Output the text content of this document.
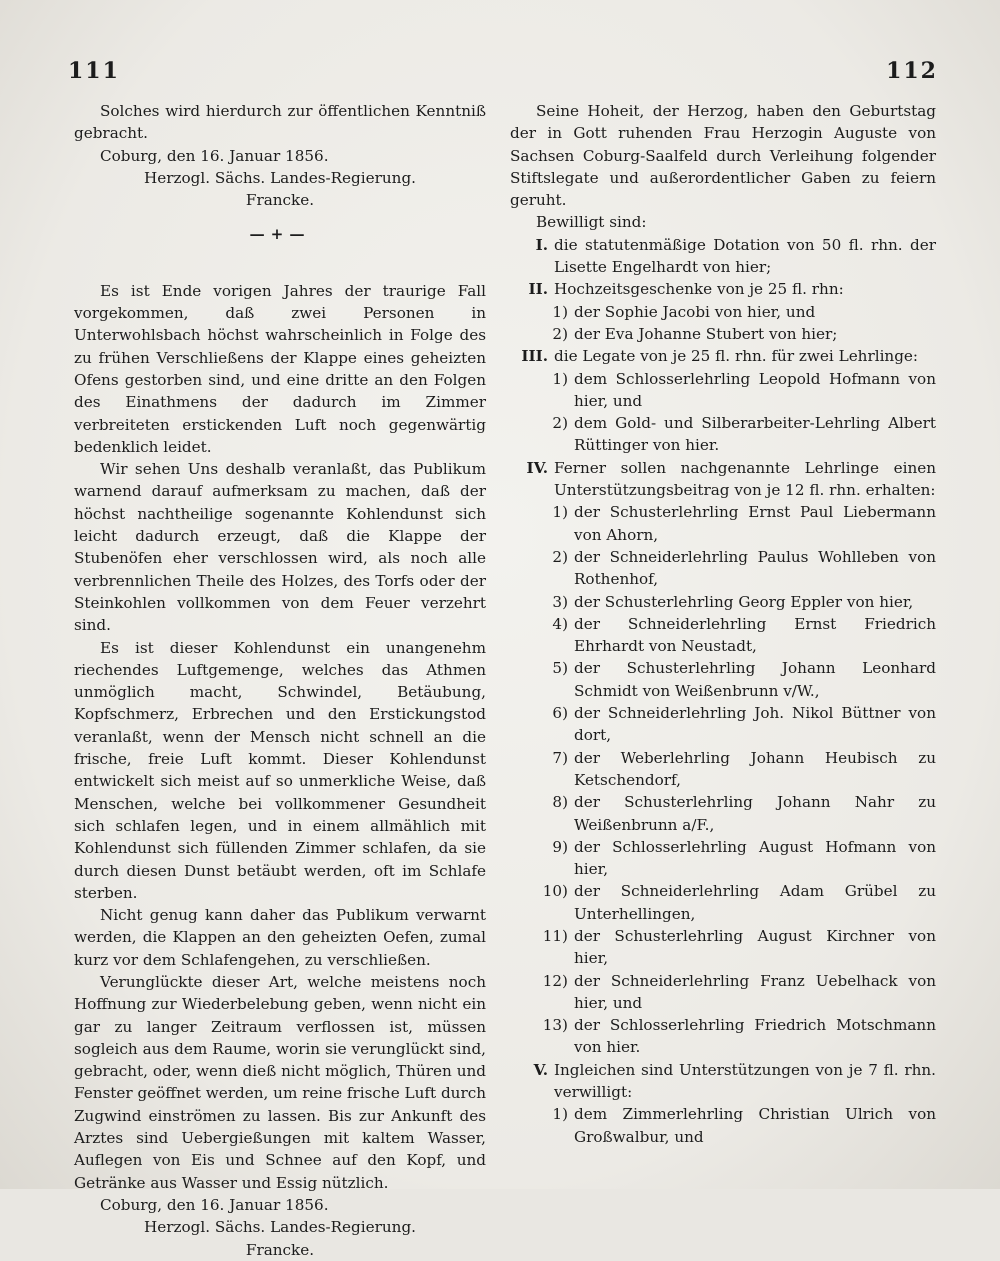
111	112

Solches wird hierdurch zur öffentlichen Kenntniß gebracht.

Coburg, den 16. Januar 1856.

Herzogl. Sächs. Landes-Regierung.

Francke.

—+—

Es ist Ende vorigen Jahres der traurige Fall vorgekommen, daß zwei Personen in Unterwohlsbach höchst wahrscheinlich in Folge des zu frühen Verschließens der Klappe eines geheizten Ofens gestorben sind, und eine dritte an den Folgen des Einathmens der dadurch im Zimmer verbreiteten erstickenden Luft noch gegenwärtig bedenklich leidet.

Wir sehen Uns deshalb veranlaßt, das Publikum warnend darauf aufmerksam zu machen, daß der höchst nachtheilige sogenannte Kohlendunst sich leicht dadurch erzeugt, daß die Klappe der Stubenöfen eher verschlossen wird, als noch alle verbrennlichen Theile des Holzes, des Torfs oder der Steinkohlen vollkommen von dem Feuer verzehrt sind.

Es ist dieser Kohlendunst ein unangenehm riechendes Luftgemenge, welches das Athmen unmöglich macht, Schwindel, Betäubung, Kopfschmerz, Erbrechen und den Erstickungstod veranlaßt, wenn der Mensch nicht schnell an die frische, freie Luft kommt. Dieser Kohlendunst entwickelt sich meist auf so unmerkliche Weise, daß Menschen, welche bei vollkommener Gesundheit sich schlafen legen, und in einem allmählich mit Kohlendunst sich füllenden Zimmer schlafen, da sie durch diesen Dunst betäubt werden, oft im Schlafe sterben.

Nicht genug kann daher das Publikum verwarnt werden, die Klappen an den geheizten Oefen, zumal kurz vor dem Schlafengehen, zu verschließen.

Verunglückte dieser Art, welche meistens noch Hoffnung zur Wiederbelebung geben, wenn nicht ein gar zu langer Zeitraum verflossen ist, müssen sogleich aus dem Raume, worin sie verunglückt sind, gebracht, oder, wenn dieß nicht möglich, Thüren und Fenster geöffnet werden, um reine frische Luft durch Zugwind einströmen zu lassen. Bis zur Ankunft des Arztes sind Uebergießungen mit kaltem Wasser, Auflegen von Eis und Schnee auf den Kopf, und Getränke aus Wasser und Essig nützlich.

Coburg, den 16. Januar 1856.

Herzogl. Sächs. Landes-Regierung.

Francke.

Seine Hoheit, der Herzog, haben den Geburtstag der in Gott ruhenden Frau Herzogin Auguste von Sachsen Coburg-Saalfeld durch Verleihung folgender Stiftslegate und außerordentlicher Gaben zu feiern geruht.

Bewilligt sind:

I. die statutenmäßige Dotation von 50 fl. rhn. der Lisette Engelhardt von hier;
II. Hochzeitsgeschenke von je 25 fl. rhn:
1) der Sophie Jacobi von hier, und
2) der Eva Johanne Stubert von hier;
III. die Legate von je 25 fl. rhn. für zwei Lehrlinge:
1) dem Schlosserlehrling Leopold Hofmann von hier, und
2) dem Gold- und Silberarbeiter-Lehrling Albert Rüttinger von hier.
IV. Ferner sollen nachgenannte Lehrlinge einen Unterstützungsbeitrag von je 12 fl. rhn. erhalten:
1) der Schusterlehrling Ernst Paul Liebermann von Ahorn,
2) der Schneiderlehrling Paulus Wohlleben von Rothenhof,
3) der Schusterlehrling Georg Eppler von hier,
4) der Schneiderlehrling Ernst Friedrich Ehrhardt von Neustadt,
5) der Schusterlehrling Johann Leonhard Schmidt von Weißenbrunn v/W.,
6) der Schneiderlehrling Joh. Nikol Büttner von dort,
7) der Weberlehrling Johann Heubisch zu Ketschendorf,
8) der Schusterlehrling Johann Nahr zu Weißenbrunn a/F.,
9) der Schlosserlehrling August Hofmann von hier,
10) der Schneiderlehrling Adam Grübel zu Unterhellingen,
11) der Schusterlehrling August Kirchner von hier,
12) der Schneiderlehrling Franz Uebelhack von hier, und
13) der Schlosserlehrling Friedrich Motschmann von hier.
V. Ingleichen sind Unterstützungen von je 7 fl. rhn. verwilligt:
1) dem Zimmerlehrling Christian Ulrich von Großwalbur, und
